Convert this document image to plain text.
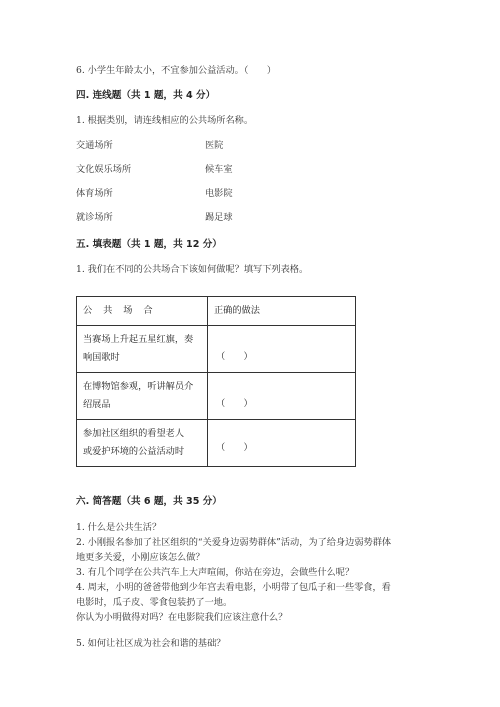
6. 小学生年龄太小，不宜参加公益活动。（　　）
四. 连线题（共 1 题，共 4 分）
1. 根据类别，请连线相应的公共场所名称。
交通场所	医院
文化娱乐场所	候车室
体育场所	电影院
就诊场所	踢足球
五. 填表题（共 1 题，共 12 分）
1. 我们在不同的公共场合下该如何做呢？填写下列表格。
公 共 场 合	正确的做法

当赛场上升起五星红旗，奏
响国歌时	（　　）

在博物馆参观，听讲解员介
绍展品	（　　）

参加社区组织的看望老人
或爱护环境的公益活动时	（　　）
六. 简答题（共 6 题，共 35 分）
1. 什么是公共生活？
2. 小刚报名参加了社区组织的“关爱身边弱势群体”活动，为了给身边弱势群体
地更多关爱，小刚应该怎么做？
3. 有几个同学在公共汽车上大声喧闹，你站在旁边，会做些什么呢？
4. 周末，小明的爸爸带他到少年宫去看电影，小明带了包瓜子和一些零食，看
电影时，瓜子皮、零食包装扔了一地。
你认为小明做得对吗？在电影院我们应该注意什么？
5. 如何让社区成为社会和谐的基础？
